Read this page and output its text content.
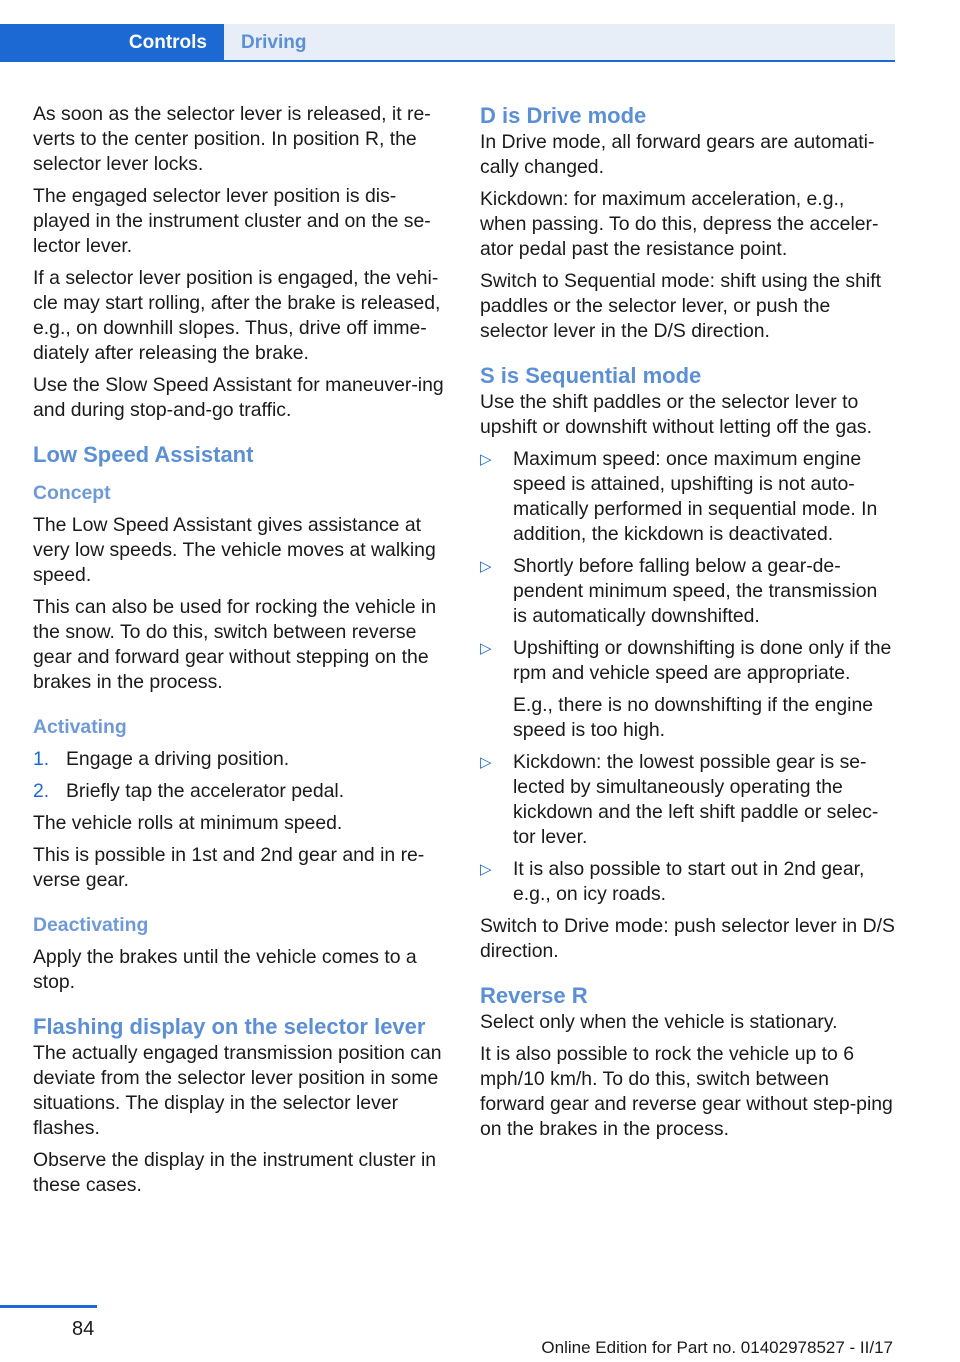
Controls	Driving

As soon as the selector lever is released, it re-verts to the center position. In position R, the selector lever locks.

The engaged selector lever position is dis-played in the instrument cluster and on the se-lector lever.

If a selector lever position is engaged, the vehi-cle may start rolling, after the brake is released, e.g., on downhill slopes. Thus, drive off imme-diately after releasing the brake.

Use the Slow Speed Assistant for maneuver-ing and during stop-and-go traffic.

Low Speed Assistant
Concept

The Low Speed Assistant gives assistance at very low speeds. The vehicle moves at walking speed.

This can also be used for rocking the vehicle in the snow. To do this, switch between reverse gear and forward gear without stepping on the brakes in the process.

Activating
1. Engage a driving position.
2. Briefly tap the accelerator pedal.

The vehicle rolls at minimum speed.

This is possible in 1st and 2nd gear and in re-verse gear.

Deactivating

Apply the brakes until the vehicle comes to a stop.

Flashing display on the selector lever

The actually engaged transmission position can deviate from the selector lever position in some situations. The display in the selector lever flashes.

Observe the display in the instrument cluster in these cases.

D is Drive mode

In Drive mode, all forward gears are automati-cally changed.

Kickdown: for maximum acceleration, e.g., when passing. To do this, depress the acceler-ator pedal past the resistance point.

Switch to Sequential mode: shift using the shift paddles or the selector lever, or push the selector lever in the D/S direction.

S is Sequential mode

Use the shift paddles or the selector lever to upshift or downshift without letting off the gas.

▷	Maximum speed: once maximum engine speed is attained, upshifting is not auto-matically performed in sequential mode. In addition, the kickdown is deactivated.

▷	Shortly before falling below a gear-de-pendent minimum speed, the transmission is automatically downshifted.

▷	Upshifting or downshifting is done only if the rpm and vehicle speed are appropriate.

E.g., there is no downshifting if the engine speed is too high.

▷	Kickdown: the lowest possible gear is se-lected by simultaneously operating the kickdown and the left shift paddle or selec-tor lever.

▷	It is also possible to start out in 2nd gear, e.g., on icy roads.

Switch to Drive mode: push selector lever in D/S direction.

Reverse R

Select only when the vehicle is stationary.

It is also possible to rock the vehicle up to 6 mph/10 km/h. To do this, switch between forward gear and reverse gear without step-ping on the brakes in the process.

84
Online Edition for Part no. 01402978527 - II/17
